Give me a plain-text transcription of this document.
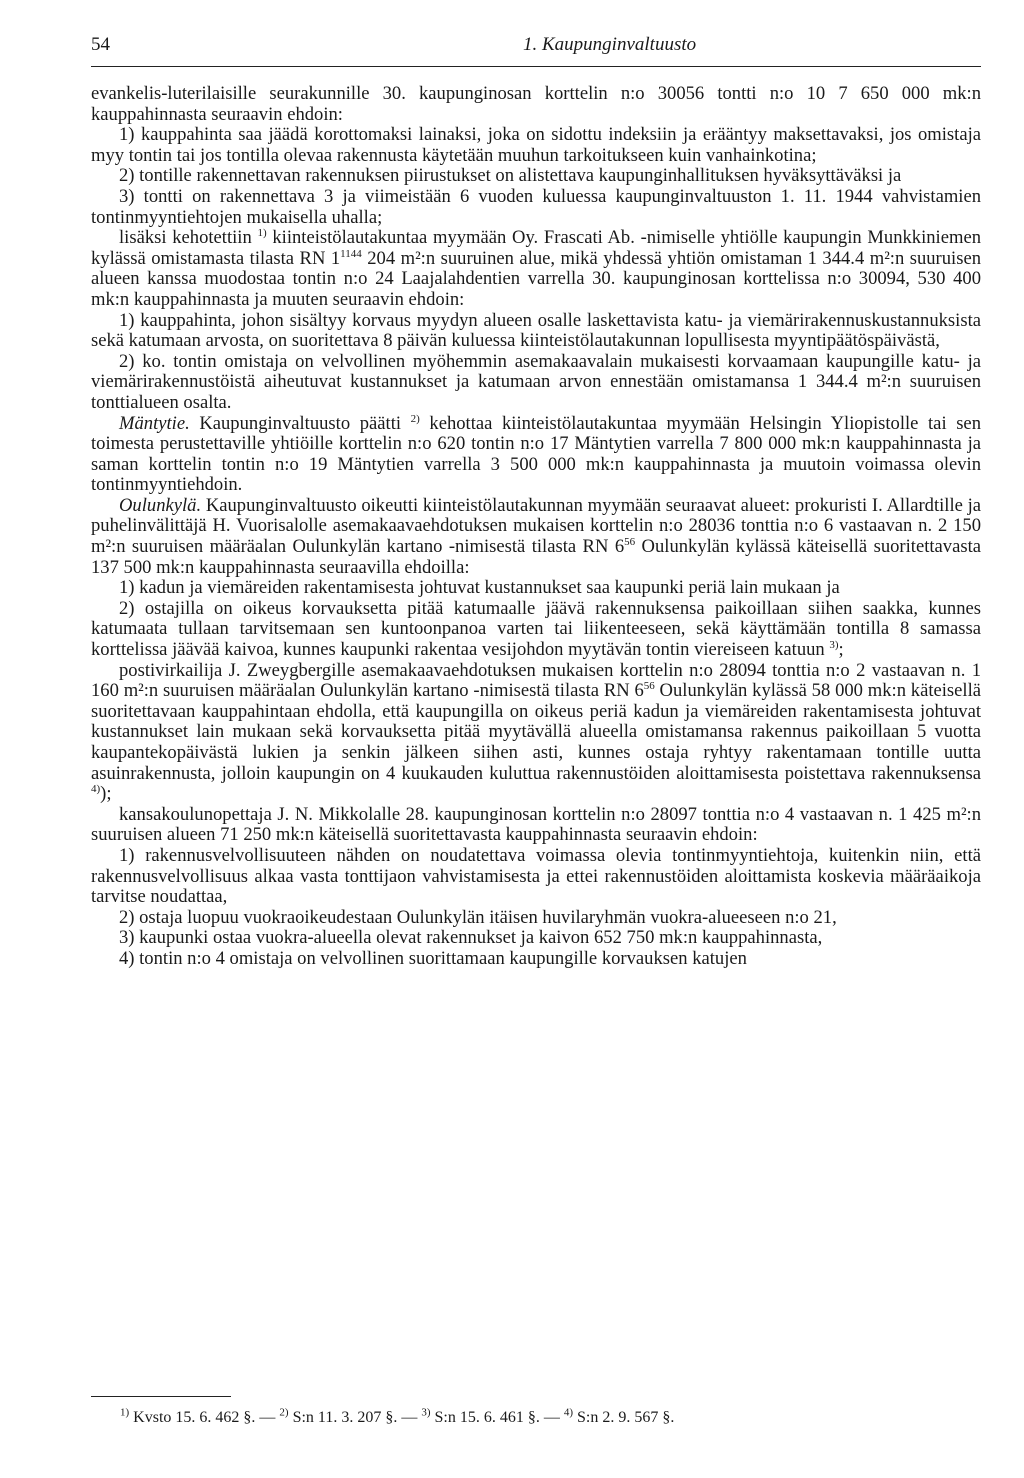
54	1. Kaupunginvaltuusto

evankelis-luterilaisille seurakunnille 30. kaupunginosan korttelin n:o 30056 tontti n:o 10 7 650 000 mk:n kauppahinnasta seuraavin ehdoin:

1) kauppahinta saa jäädä korottomaksi lainaksi, joka on sidottu indeksiin ja erääntyy maksettavaksi, jos omistaja myy tontin tai jos tontilla olevaa rakennusta käytetään muuhun tarkoitukseen kuin vanhainkotina;

2) tontille rakennettavan rakennuksen piirustukset on alistettava kaupunginhallituksen hyväksyttäväksi ja

3) tontti on rakennettava 3 ja viimeistään 6 vuoden kuluessa kaupunginvaltuuston 1. 11. 1944 vahvistamien tontinmyyntiehtojen mukaisella uhalla;

lisäksi kehotettiin $^{1)}$ kiinteistölautakuntaa myymään Oy. Frascati Ab. -nimiselle yhtiölle kaupungin Munkkiniemen kylässä omistamasta tilasta RN $1^{1144}$ 204 m²:n suuruinen alue, mikä yhdessä yhtiön omistaman 1 344.4 m²:n suuruisen alueen kanssa muodostaa tontin n:o 24 Laajalahdentien varrella 30. kaupunginosan korttelissa n:o 30094, 530 400 mk:n kauppahinnasta ja muuten seuraavin ehdoin:

1) kauppahinta, johon sisältyy korvaus myydyn alueen osalle laskettavista katu- ja viemärirakennuskustannuksista sekä katumaan arvosta, on suoritettava 8 päivän kuluessa kiinteistölautakunnan lopullisesta myyntipäätöspäivästä,

2) ko. tontin omistaja on velvollinen myöhemmin asemakaavalain mukaisesti korvaamaan kaupungille katu- ja viemärirakennustöistä aiheutuvat kustannukset ja katumaan arvon ennestään omistamansa 1 344.4 m²:n suuruisen tonttialueen osalta.

Mäntytie. Kaupunginvaltuusto päätti $^{2)}$ kehottaa kiinteistölautakuntaa myymään Helsingin Yliopistolle tai sen toimesta perustettaville yhtiöille korttelin n:o 620 tontin n:o 17 Mäntytien varrella 7 800 000 mk:n kauppahinnasta ja saman korttelin tontin n:o 19 Mäntytien varrella 3 500 000 mk:n kauppahinnasta ja muutoin voimassa olevin tontinmyyntiehdoin.

Oulunkylä. Kaupunginvaltuusto oikeutti kiinteistölautakunnan myymään seuraavat alueet: prokuristi I. Allardtille ja puhelinvälittäjä H. Vuorisalolle asemakaavaehdotuksen mukaisen korttelin n:o 28036 tonttia n:o 6 vastaavan n. 2 150 m²:n suuruisen määräalan Oulunkylän kartano -nimisestä tilasta RN $6^{56}$ Oulunkylän kylässä käteisellä suoritettavasta 137 500 mk:n kauppahinnasta seuraavilla ehdoilla:

1) kadun ja viemäreiden rakentamisesta johtuvat kustannukset saa kaupunki periä lain mukaan ja

2) ostajilla on oikeus korvauksetta pitää katumaalle jäävä rakennuksensa paikoillaan siihen saakka, kunnes katumaata tullaan tarvitsemaan sen kuntoonpanoa varten tai liikenteeseen, sekä käyttämään tontilla 8 samassa korttelissa jäävää kaivoa, kunnes kaupunki rakentaa vesijohdon myytävän tontin viereiseen katuun $^{3)}$;

postivirkailija J. Zweygbergille asemakaavaehdotuksen mukaisen korttelin n:o 28094 tonttia n:o 2 vastaavan n. 1 160 m²:n suuruisen määräalan Oulunkylän kartano -nimisestä tilasta RN $6^{56}$ Oulunkylän kylässä 58 000 mk:n käteisellä suoritettavaan kauppahintaan ehdolla, että kaupungilla on oikeus periä kadun ja viemäreiden rakentamisesta johtuvat kustannukset lain mukaan sekä korvauksetta pitää myytävällä alueella omistamansa rakennus paikoillaan 5 vuotta kaupantekopäivästä lukien ja senkin jälkeen siihen asti, kunnes ostaja ryhtyy rakentamaan tontille uutta asuinrakennusta, jolloin kaupungin on 4 kuukauden kuluttua rakennustöiden aloittamisesta poistettava rakennuksensa $^{4)}$);

kansakoulunopettaja J. N. Mikkolalle 28. kaupunginosan korttelin n:o 28097 tonttia n:o 4 vastaavan n. 1 425 m²:n suuruisen alueen 71 250 mk:n käteisellä suoritettavasta kauppahinnasta seuraavin ehdoin:

1) rakennusvelvollisuuteen nähden on noudatettava voimassa olevia tontinmyyntiehtoja, kuitenkin niin, että rakennusvelvollisuus alkaa vasta tonttijaon vahvistamisesta ja ettei rakennustöiden aloittamista koskevia määräaikoja tarvitse noudattaa,

2) ostaja luopuu vuokraoikeudestaan Oulunkylän itäisen huvilaryhmän vuokra-alueeseen n:o 21,

3) kaupunki ostaa vuokra-alueella olevat rakennukset ja kaivon 652 750 mk:n kauppahinnasta,

4) tontin n:o 4 omistaja on velvollinen suorittamaan kaupungille korvauksen katujen

$^{1)}$ Kvsto 15. 6. 462 §. — $^{2)}$ S:n 11. 3. 207 §. — $^{3)}$ S:n 15. 6. 461 §. — $^{4)}$ S:n 2. 9. 567 §.
